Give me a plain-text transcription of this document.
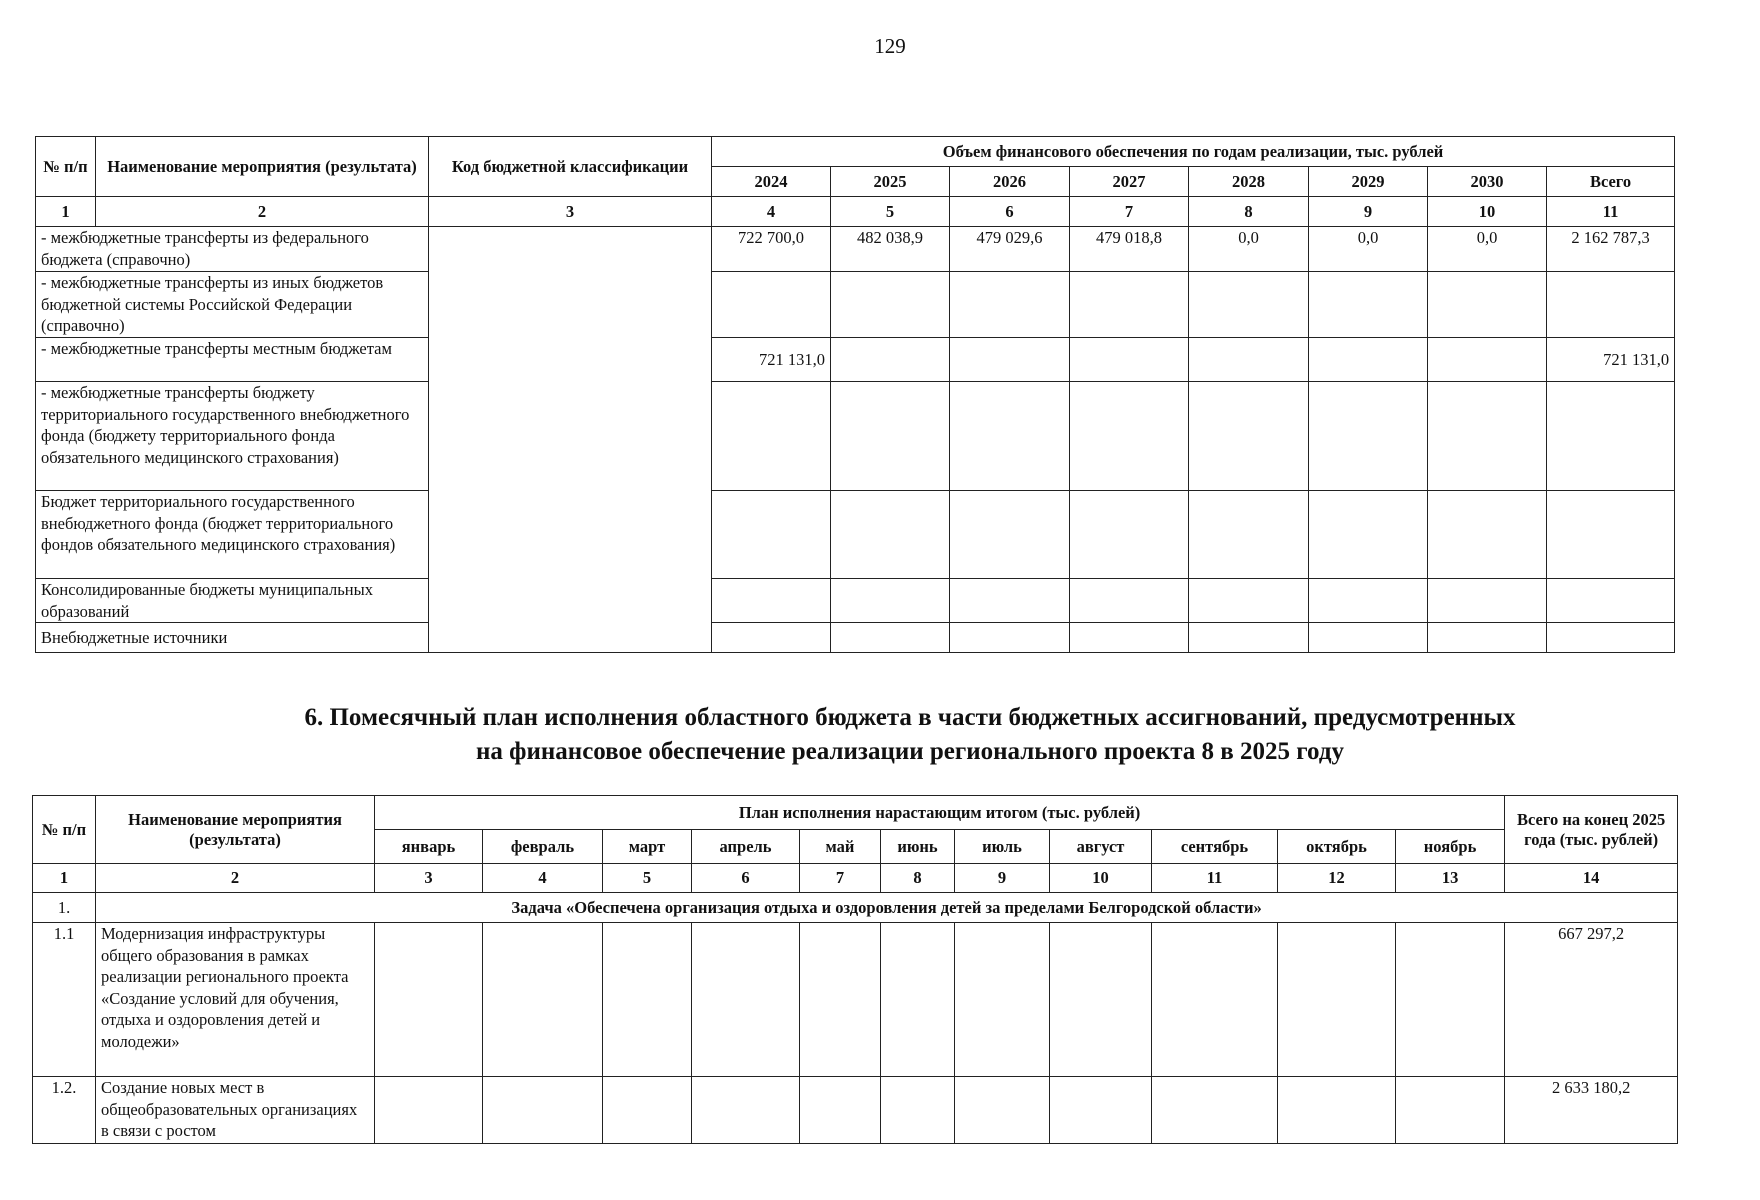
129
№ п/п	Наименование мероприятия (результата)	Код бюджетной классификации	Объем финансового обеспечения по годам реализации, тыс. рублей							
			2024	2025	2026	2027	2028	2029	2030	Всего
1	2	3	4	5	6	7	8	9	10	11
- межбюджетные трансферты из федерального бюджета (справочно)			722 700,0	482 038,9	479 029,6	479 018,8	0,0	0,0	0,0	2 162 787,3
- межбюджетные трансферты из иных бюджетов бюджетной системы Российской Федерации (справочно)										
- межбюджетные трансферты местным бюджетам			721 131,0							721 131,0
- межбюджетные трансферты бюджету территориального государственного внебюджетного фонда (бюджету территориального фонда обязательного медицинского страхования)										
Бюджет территориального государственного внебюджетного фонда (бюджет территориального фондов обязательного медицинского страхования)										
Консолидированные бюджеты муниципальных образований										
Внебюджетные источники										
6. Помесячный план исполнения областного бюджета в части бюджетных ассигнований, предусмотренных
на финансовое обеспечение реализации регионального проекта 8 в 2025 году
№ п/п	Наименование мероприятия (результата)	План исполнения нарастающим итогом (тыс. рублей)											Всего на конец 2025 года (тыс. рублей)
		январь	февраль	март	апрель	май	июнь	июль	август	сентябрь	октябрь	ноябрь	
1	2	3	4	5	6	7	8	9	10	11	12	13	14
1.	Задача «Обеспечена организация отдыха и оздоровления детей за пределами Белгородской области»												
1.1	Модернизация инфраструктуры общего образования в рамках реализации регионального проекта «Создание условий для обучения, отдыха и оздоровления детей и молодежи»												667 297,2
1.2.	Создание новых мест в общеобразовательных организациях в связи с ростом												2 633 180,2
